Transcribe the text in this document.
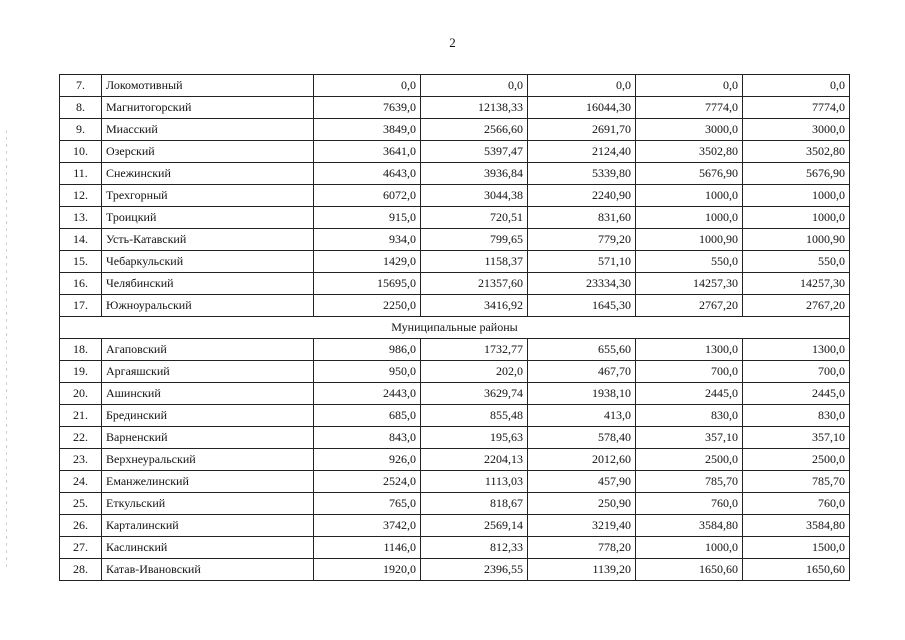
2
7.	Локомотивный	0,0	0,0	0,0	0,0	0,0
8.	Магнитогорский	7639,0	12138,33	16044,30	7774,0	7774,0
9.	Миасский	3849,0	2566,60	2691,70	3000,0	3000,0
10.	Озерский	3641,0	5397,47	2124,40	3502,80	3502,80
11.	Снежинский	4643,0	3936,84	5339,80	5676,90	5676,90
12.	Трехгорный	6072,0	3044,38	2240,90	1000,0	1000,0
13.	Троицкий	915,0	720,51	831,60	1000,0	1000,0
14.	Усть-Катавский	934,0	799,65	779,20	1000,90	1000,90
15.	Чебаркульский	1429,0	1158,37	571,10	550,0	550,0
16.	Челябинский	15695,0	21357,60	23334,30	14257,30	14257,30
17.	Южноуральский	2250,0	3416,92	1645,30	2767,20	2767,20
Муниципальные районы						
18.	Агаповский	986,0	1732,77	655,60	1300,0	1300,0
19.	Аргаяшский	950,0	202,0	467,70	700,0	700,0
20.	Ашинский	2443,0	3629,74	1938,10	2445,0	2445,0
21.	Брединский	685,0	855,48	413,0	830,0	830,0
22.	Варненский	843,0	195,63	578,40	357,10	357,10
23.	Верхнеуральский	926,0	2204,13	2012,60	2500,0	2500,0
24.	Еманжелинский	2524,0	1113,03	457,90	785,70	785,70
25.	Еткульский	765,0	818,67	250,90	760,0	760,0
26.	Карталинский	3742,0	2569,14	3219,40	3584,80	3584,80
27.	Каслинский	1146,0	812,33	778,20	1000,0	1500,0
28.	Катав-Ивановский	1920,0	2396,55	1139,20	1650,60	1650,60
